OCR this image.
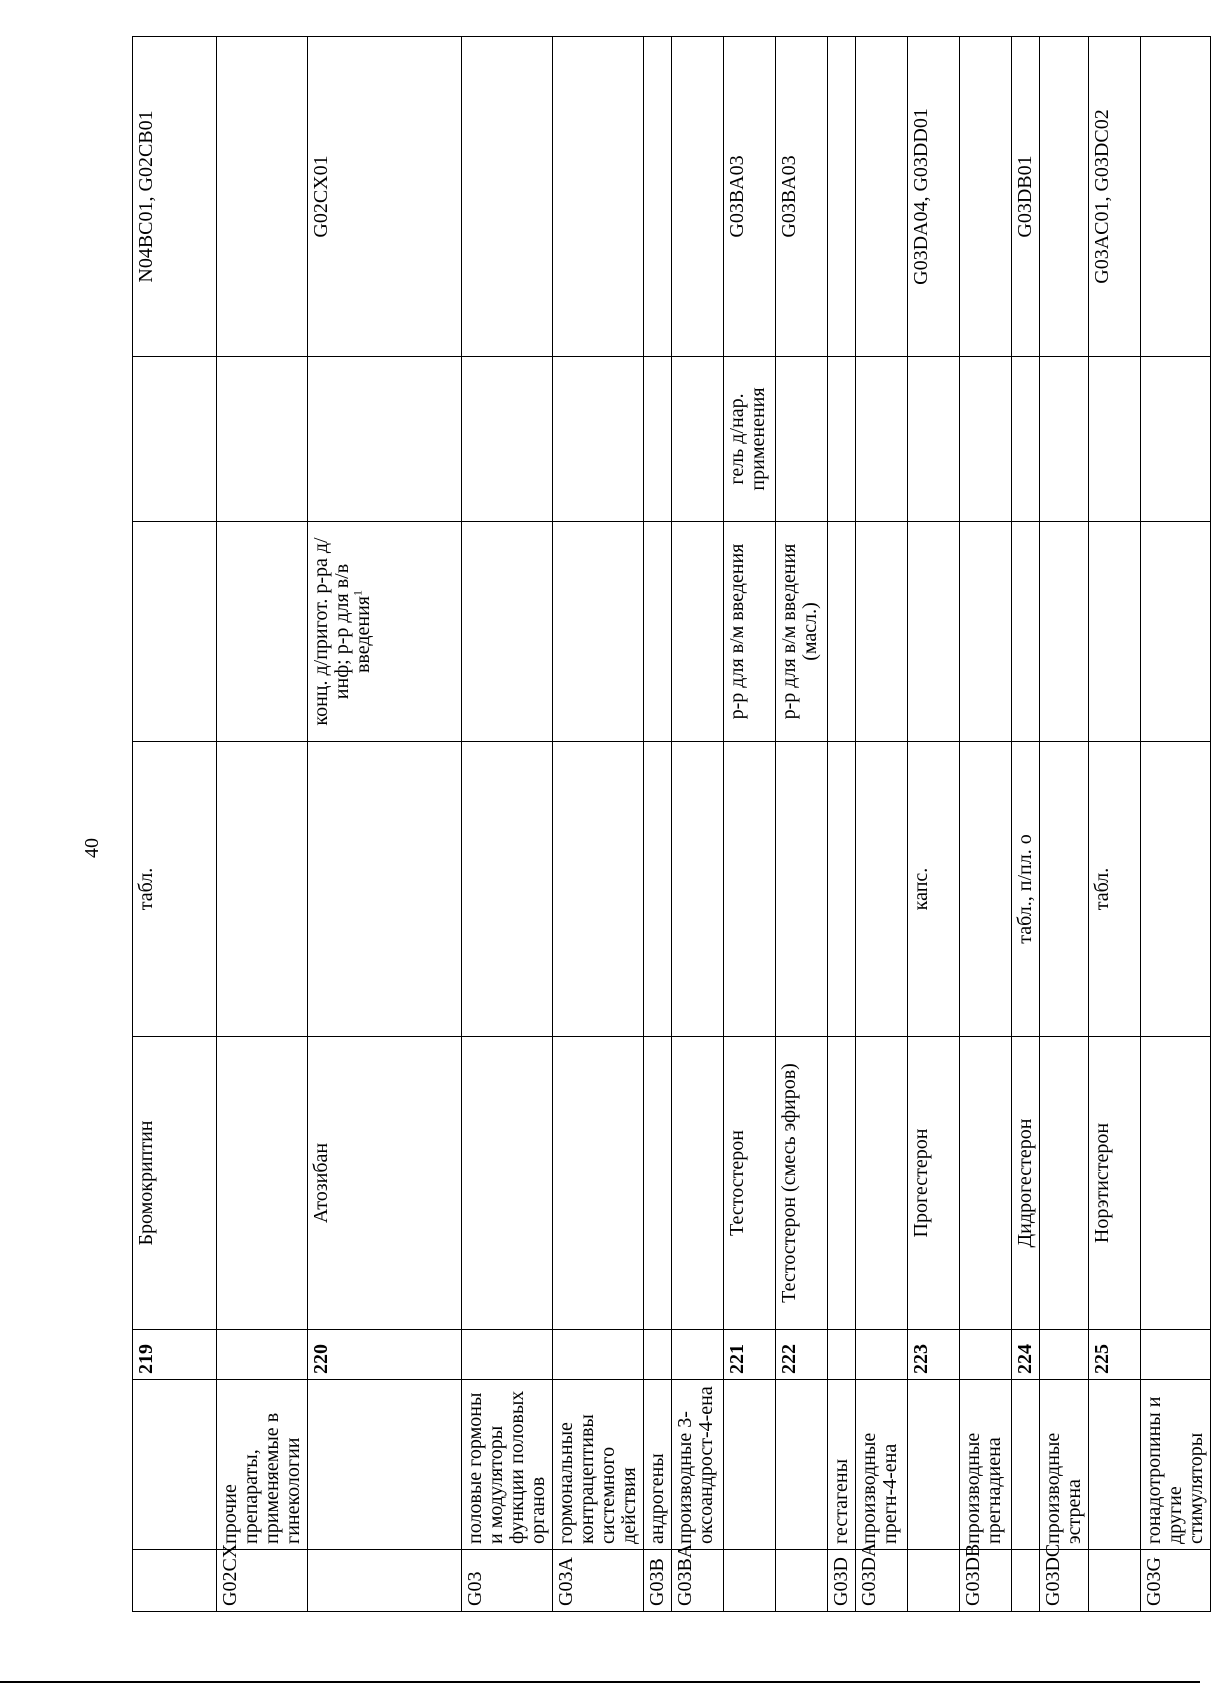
40
		219	Бромокриптин	табл.			N04BC01, G02CB01
G02CX	прочие препараты, применяемые в гинекологии						
		220	Атозибан		конц. д/пригот. р-ра д/инф; р-р для в/в введения$^1$		G02CX01
G03	половые гормоны и модуляторы функции половых органов						
G03A	гормональные контрацептивы системного действия						
G03B	андрогены						
G03BA	производные 3-оксоандрост-4-ена						
		221	Тестостерон		р-р для в/м введения	гель д/нар. применения	G03BA03
		222	Тестостерон (смесь эфиров)		р-р для в/м введения (масл.)		G03BA03
G03D	гестагены						
G03DA	производные прегн-4-ена						
		223	Прогестерон	капс.			G03DA04, G03DD01
G03DB	производные прегнадиена						
		224	Дидрогестерон	табл., п/пл. о			G03DB01
G03DC	производные эстрена						
		225	Норэтистерон	табл.			G03AC01, G03DC02
G03G	гонадотропины и другие стимуляторы						
